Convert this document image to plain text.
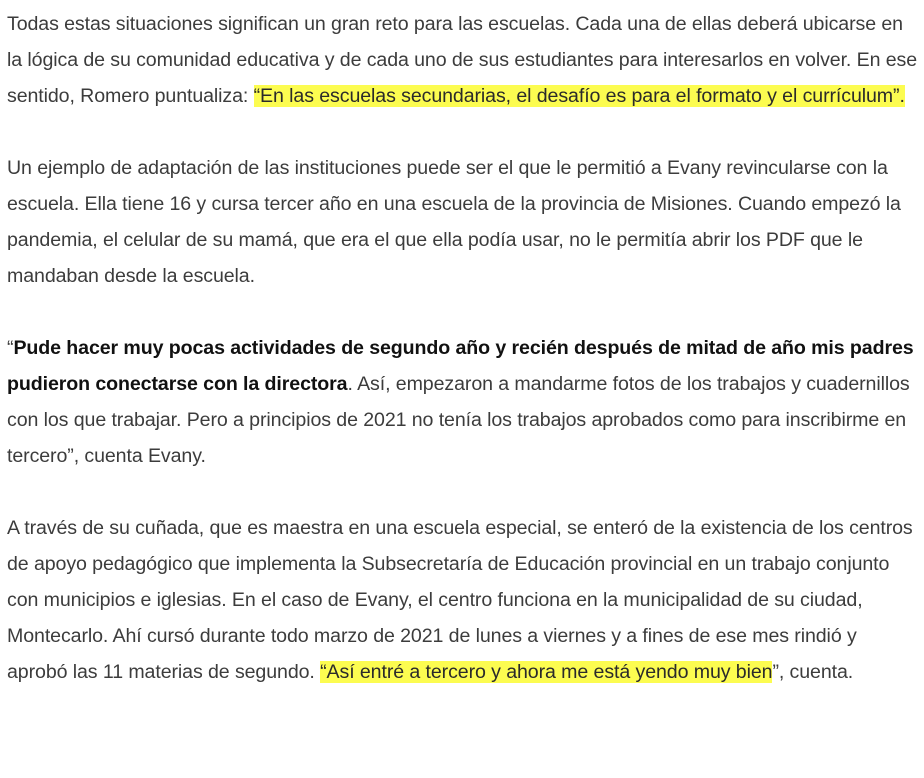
Todas estas situaciones significan un gran reto para las escuelas. Cada una de ellas deberá ubicarse en la lógica de su comunidad educativa y de cada uno de sus estudiantes para interesarlos en volver. En ese sentido, Romero puntualiza: “En las escuelas secundarias, el desafío es para el formato y el currículum”.

Un ejemplo de adaptación de las instituciones puede ser el que le permitió a Evany revincularse con la escuela. Ella tiene 16 y cursa tercer año en una escuela de la provincia de Misiones. Cuando empezó la pandemia, el celular de su mamá, que era el que ella podía usar, no le permitía abrir los PDF que le mandaban desde la escuela.

“Pude hacer muy pocas actividades de segundo año y recién después de mitad de año mis padres pudieron conectarse con la directora. Así, empezaron a mandarme fotos de los trabajos y cuadernillos con los que trabajar. Pero a principios de 2021 no tenía los trabajos aprobados como para inscribirme en tercero”, cuenta Evany.

A través de su cuñada, que es maestra en una escuela especial, se enteró de la existencia de los centros de apoyo pedagógico que implementa la Subsecretaría de Educación provincial en un trabajo conjunto con municipios e iglesias. En el caso de Evany, el centro funciona en la municipalidad de su ciudad, Montecarlo. Ahí cursó durante todo marzo de 2021 de lunes a viernes y a fines de ese mes rindió y aprobó las 11 materias de segundo. “Así entré a tercero y ahora me está yendo muy bien”, cuenta.
